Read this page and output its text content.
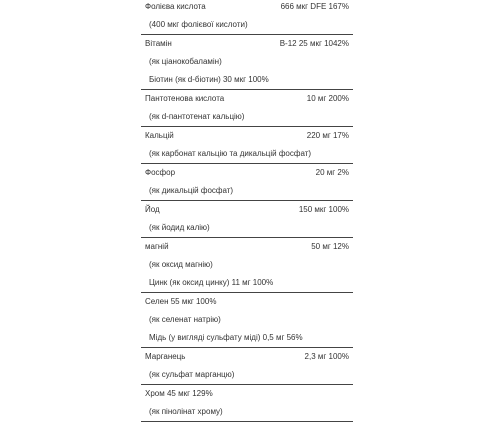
Фолієва кислота	666 мкг DFE 167%
(400 мкг фолієвої кислоти)
Вітамін	В-12 25 мкг 1042%
(як ціанокобаламін)
Біотин (як d-біотин) 30 мкг 100%
Пантотенова кислота	10 мг 200%
(як d-пантотенат кальцію)
Кальцій	220 мг 17%
(як карбонат кальцію та дикальцій фосфат)
Фосфор	20 мг 2%
(як дикальцій фосфат)
Йод	150 мкг 100%
(як йодид калію)
магній	50 мг 12%
(як оксид магнію)
Цинк (як оксид цинку) 11 мг 100%
Селен 55 мкг 100%
(як селенат натрію)
Мідь (у вигляді сульфату міді) 0,5 мг 56%
Марганець	2,3 мг 100%
(як сульфат марганцю)
Хром 45 мкг 129%
(як пінолінат хрому)
